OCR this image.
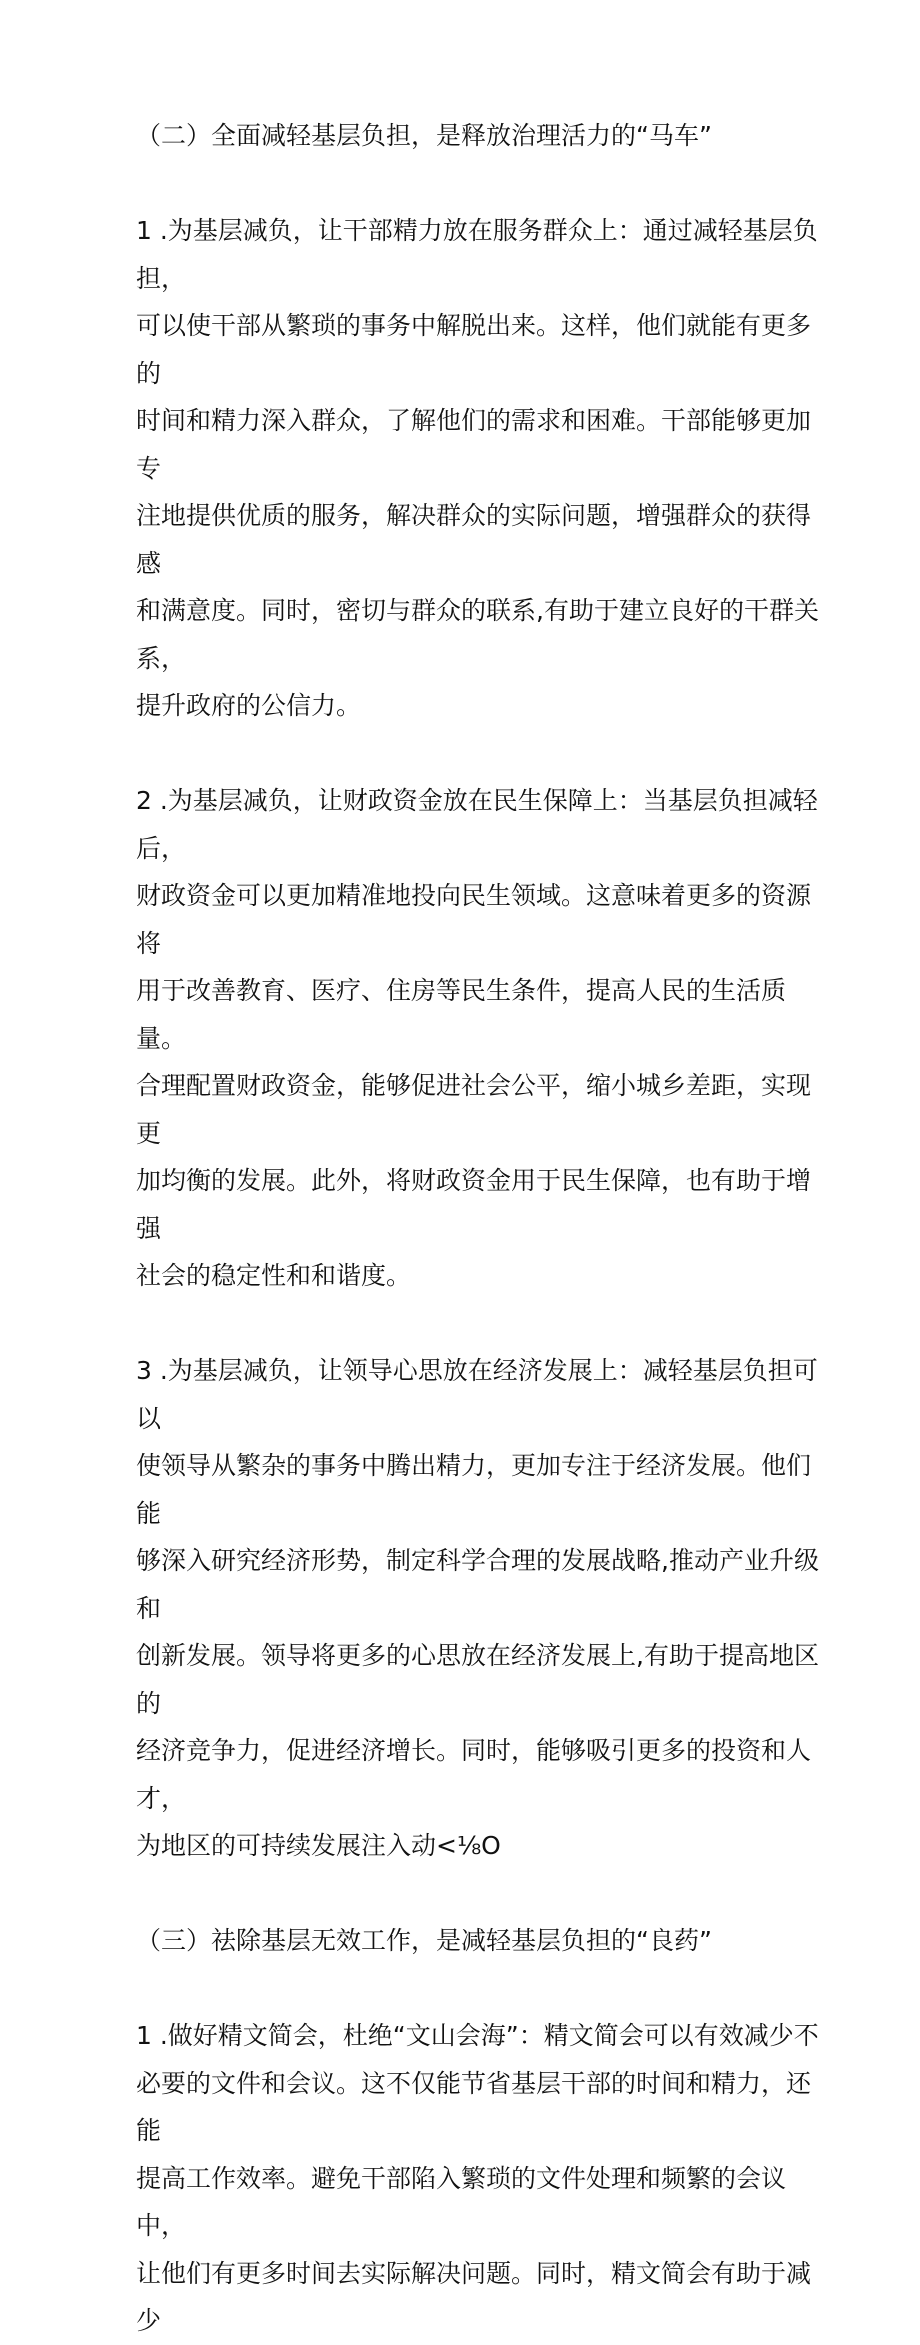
（二）全面减轻基层负担，是释放治理活力的“马车”

1 .为基层减负，让干部精力放在服务群众上：通过减轻基层负担，
可以使干部从繁琐的事务中解脱出来。这样，他们就能有更多的
时间和精力深入群众，了解他们的需求和困难。干部能够更加专
注地提供优质的服务，解决群众的实际问题，增强群众的获得感
和满意度。同时，密切与群众的联系,有助于建立良好的干群关系，
提升政府的公信力。

2 .为基层减负，让财政资金放在民生保障上：当基层负担减轻后，
财政资金可以更加精准地投向民生领域。这意味着更多的资源将
用于改善教育、医疗、住房等民生条件，提高人民的生活质量。
合理配置财政资金，能够促进社会公平，缩小城乡差距，实现更
加均衡的发展。此外，将财政资金用于民生保障，也有助于增强
社会的稳定性和和谐度。

3 .为基层减负，让领导心思放在经济发展上：减轻基层负担可以
使领导从繁杂的事务中腾出精力，更加专注于经济发展。他们能
够深入研究经济形势，制定科学合理的发展战略,推动产业升级和
创新发展。领导将更多的心思放在经济发展上,有助于提高地区的
经济竞争力，促进经济增长。同时，能够吸引更多的投资和人才，
为地区的可持续发展注入动<⅛O

（三）祛除基层无效工作，是减轻基层负担的“良药”

1 .做好精文简会，杜绝“文山会海”：精文简会可以有效减少不
必要的文件和会议。这不仅能节省基层干部的时间和精力，还能
提高工作效率。避免干部陷入繁琐的文件处理和频繁的会议中，
让他们有更多时间去实际解决问题。同时，精文简会有助于减少
